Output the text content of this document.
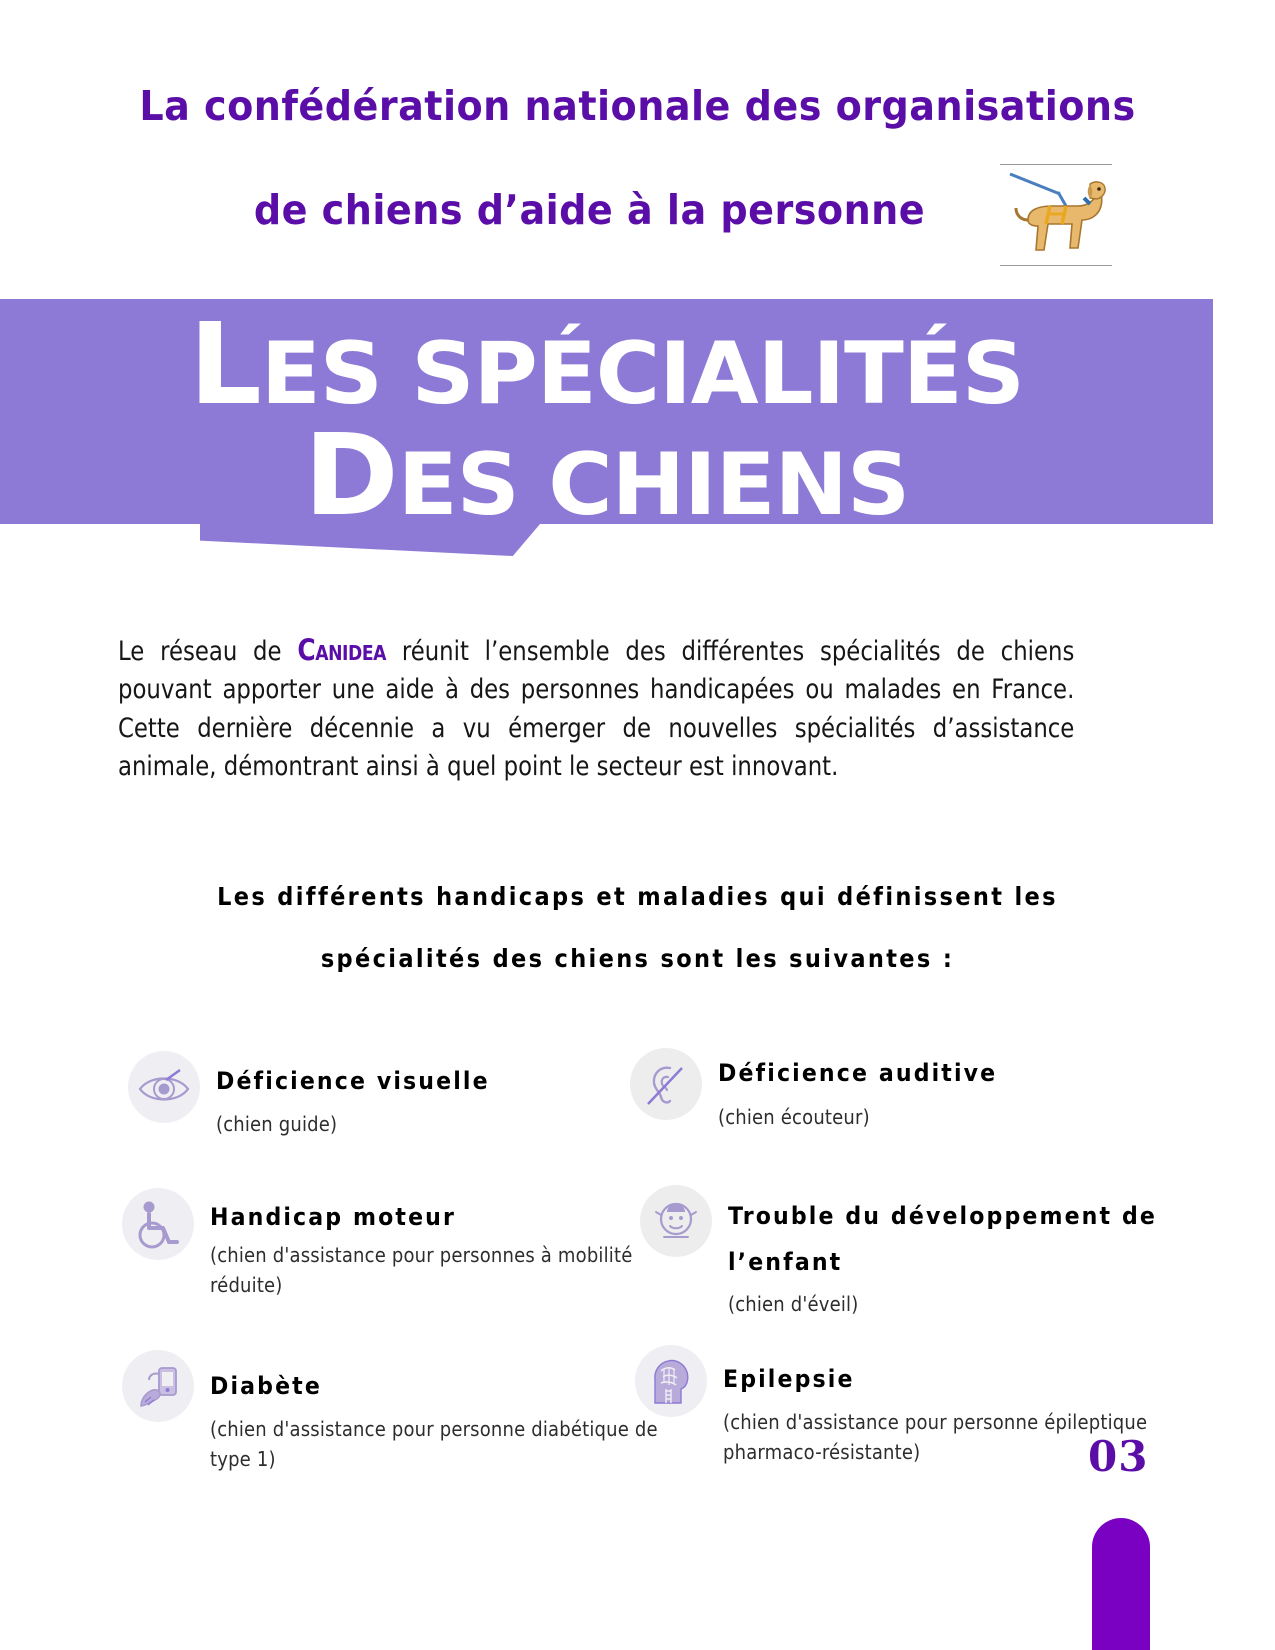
La confédération nationale des organisations
de chiens d’aide à la personne
LES SPÉCIALITÉS
DES CHIENS

Le réseau de Canidea réunit l’ensemble des différentes spécialités de chiens pouvant apporter une aide à des personnes handicapées ou malades en France. Cette dernière décennie a vu émerger de nouvelles spécialités d’assistance animale, démontrant ainsi à quel point le secteur est innovant.

Les différents handicaps et maladies qui définissent les
spécialités des chiens sont les suivantes :
Déficience visuelle
(chien guide)
Déficience auditive
(chien écouteur)
Handicap moteur
(chien d'assistance pour personnes à mobilité réduite)
Trouble du développement de l’enfant
(chien d'éveil)
Diabète
(chien d'assistance pour personne diabétique de type 1)
Epilepsie
(chien d'assistance pour personne épileptique pharmaco-résistante)	03
